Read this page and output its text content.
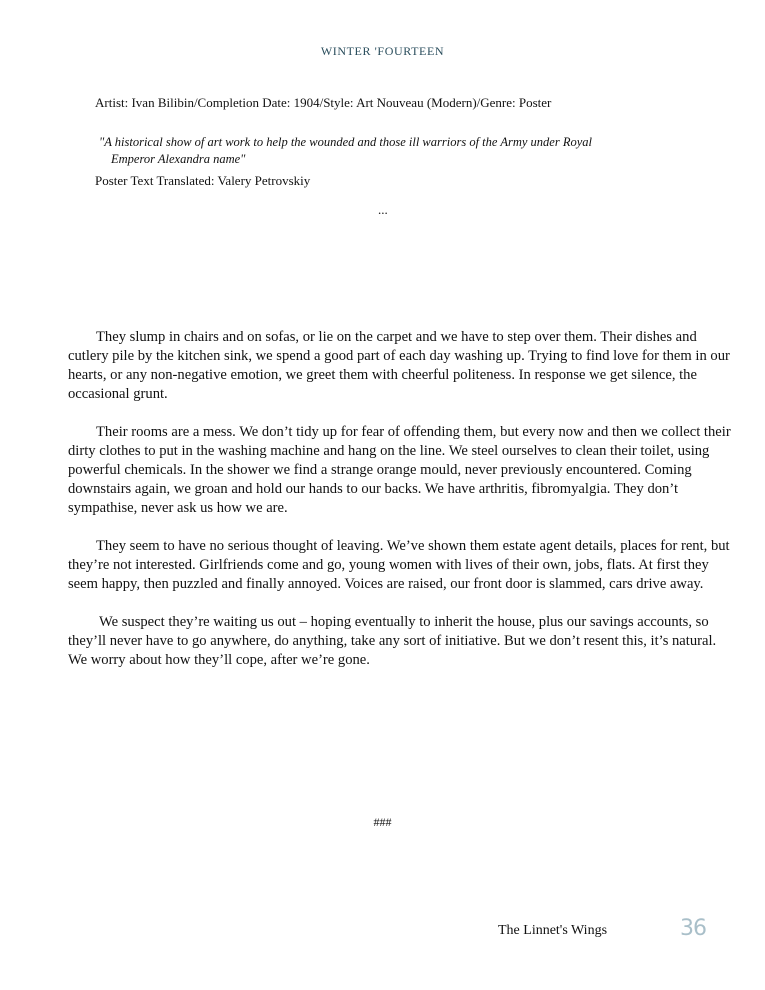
WINTER 'FOURTEEN
Artist: Ivan Bilibin/Completion Date: 1904/Style: Art Nouveau (Modern)/Genre: Poster
"A historical show of art work to help the wounded and those ill warriors of the Army under Royal
Emperor Alexandra name"
Poster Text Translated: Valery Petrovskiy
...

They slump in chairs and on sofas, or lie on the carpet and we have to step over them. Their dishes and cutlery pile by the kitchen sink, we spend a good part of each day washing up. Trying to find love for them in our hearts, or any non-negative emotion, we greet them with cheerful politeness. In response we get silence, the occasional grunt.

Their rooms are a mess. We don’t tidy up for fear of offending them, but every now and then we collect their dirty clothes to put in the washing machine and hang on the line. We steel ourselves to clean their toilet, using powerful chemicals. In the shower we find a strange orange mould, never previously encountered. Coming downstairs again, we groan and hold our hands to our backs. We have arthritis, fibromyalgia. They don’t sympathise, never ask us how we are.

They seem to have no serious thought of leaving. We’ve shown them estate agent details, places for rent, but they’re not interested. Girlfriends come and go, young women with lives of their own, jobs, flats. At first they seem happy, then puzzled and finally annoyed. Voices are raised, our front door is slammed, cars drive away.

We suspect they’re waiting us out – hoping eventually to inherit the house, plus our savings accounts, so they’ll never have to go anywhere, do anything, take any sort of initiative. But we don’t resent this, it’s natural. We worry about how they’ll cope, after we’re gone.

###
The Linnet's Wings	36
